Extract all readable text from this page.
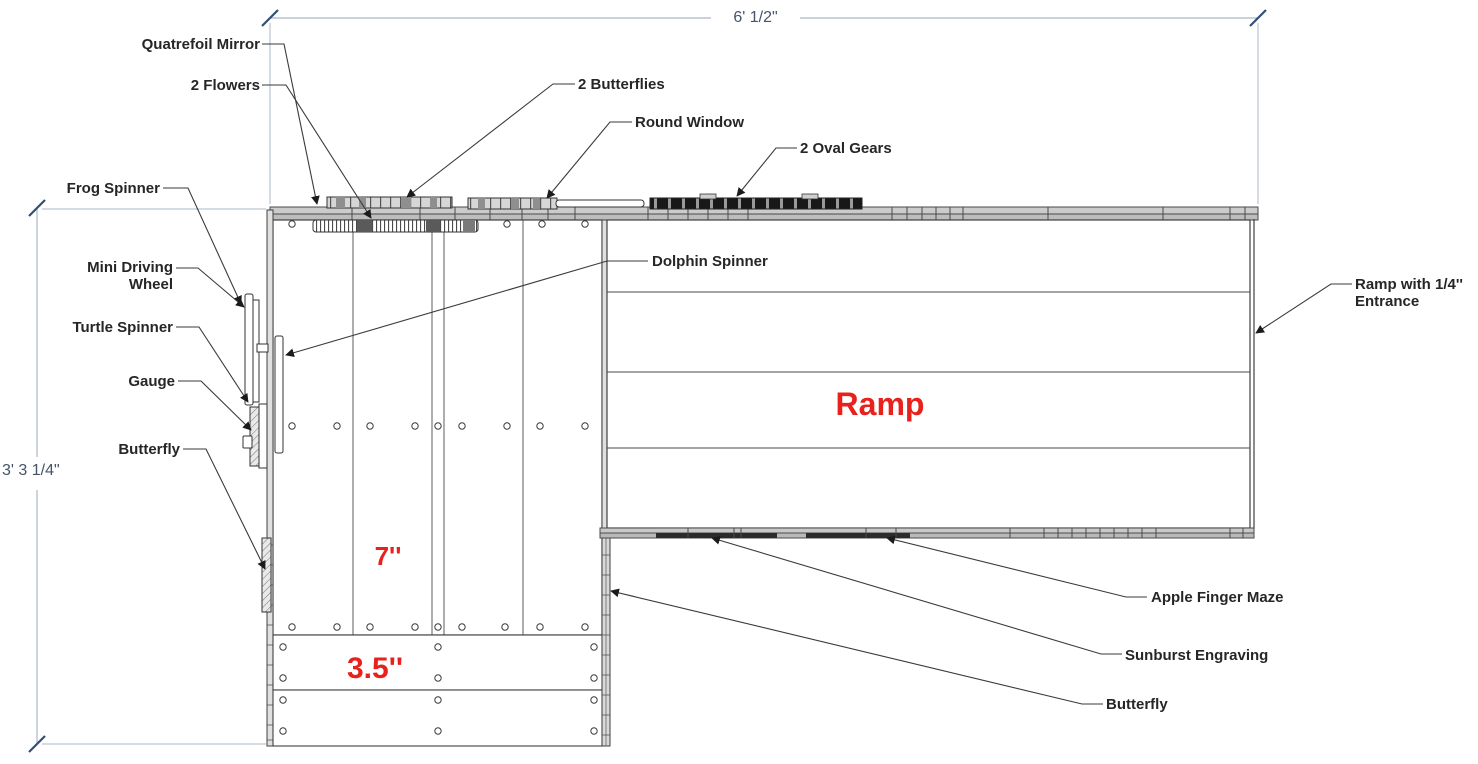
Quatrefoil Mirror
2 Flowers
Frog Spinner
Mini Driving Wheel
Turtle Spinner
Gauge
Butterfly
2 Butterflies
Round Window
2 Oval Gears
Dolphin Spinner
Ramp with 1/4'' Entrance
Apple Finger Maze
Sunburst Engraving
Butterfly
6' 1/2"
3' 3 1/4"
Ramp
7''
3.5''
